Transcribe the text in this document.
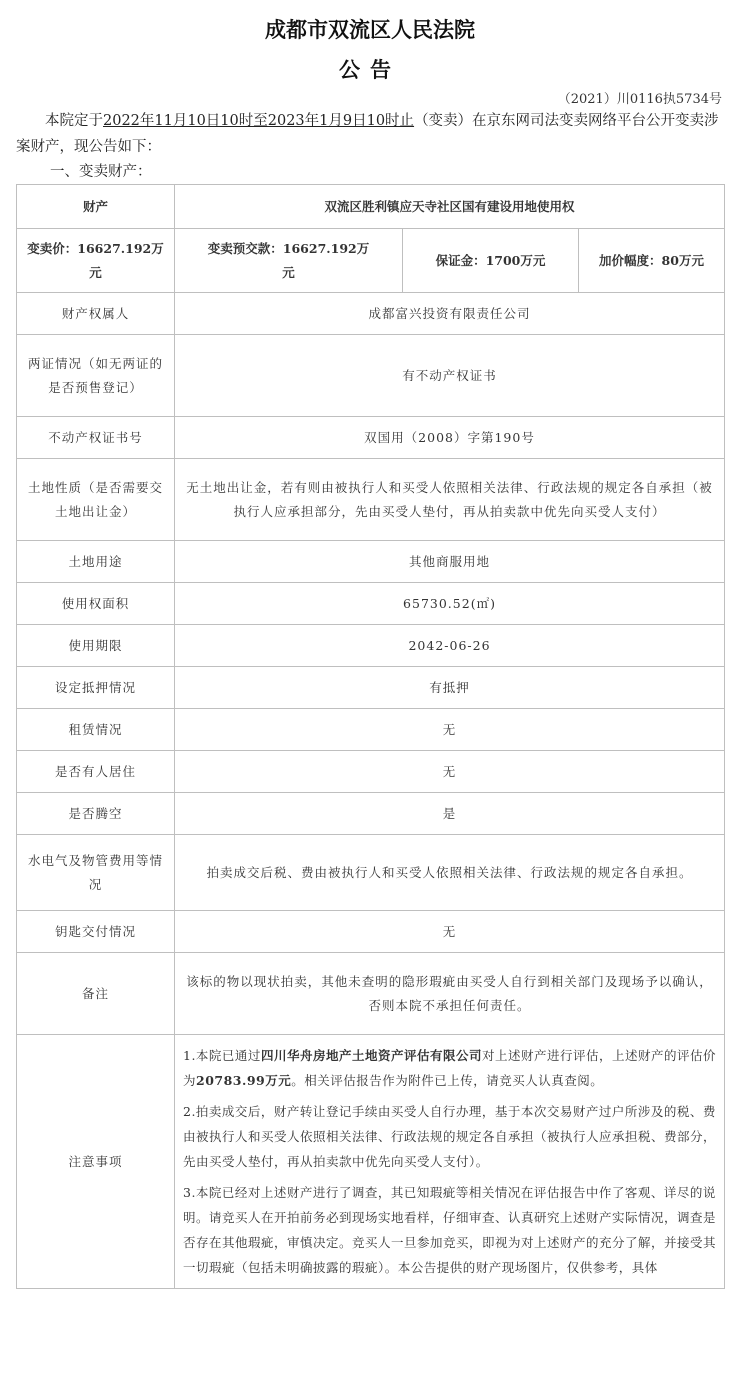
成都市双流区人民法院
公告
（2021）川0116执5734号
本院定于2022年11月10日10时至2023年1月9日10时止（变卖）在京东网司法变卖网络平台公开变卖涉案财产，现公告如下：
一、变卖财产：
财产	双流区胜利镇应天寺社区国有建设用地使用权		
变卖价：16627.192万元	变卖预交款：16627.192万元	保证金：1700万元	加价幅度：80万元
财产权属人	成都富兴投资有限责任公司		
两证情况（如无两证的是否预售登记）	有不动产权证书		
不动产权证书号	双国用（2008）字第190号		
土地性质（是否需要交土地出让金）	无土地出让金，若有则由被执行人和买受人依照相关法律、行政法规的规定各自承担（被执行人应承担部分，先由买受人垫付，再从拍卖款中优先向买受人支付）		
土地用途	其他商服用地		
使用权面积	65730.52(㎡)		
使用期限	2042-06-26		
设定抵押情况	有抵押		
租赁情况	无		
是否有人居住	无		
是否腾空	是		
水电气及物管费用等情况	拍卖成交后税、费由被执行人和买受人依照相关法律、行政法规的规定各自承担。		
钥匙交付情况	无		
备注	该标的物以现状拍卖，其他未查明的隐形瑕疵由买受人自行到相关部门及现场予以确认，否则本院不承担任何责任。		
注意事项	1.本院已通过四川华舟房地产土地资产评估有限公司对上述财产进行评估，上述财产的评估价为20783.99万元。相关评估报告作为附件已上传，请竞买人认真查阅。

2.拍卖成交后，财产转让登记手续由买受人自行办理，基于本次交易财产过户所涉及的税、费由被执行人和买受人依照相关法律、行政法规的规定各自承担（被执行人应承担税、费部分，先由买受人垫付，再从拍卖款中优先向买受人支付）。

3.本院已经对上述财产进行了调查，其已知瑕疵等相关情况在评估报告中作了客观、详尽的说明。请竞买人在开拍前务必到现场实地看样，仔细审查、认真研究上述财产实际情况，调查是否存在其他瑕疵，审慎决定。竞买人一旦参加竞买，即视为对上述财产的充分了解，并接受其一切瑕疵（包括未明确披露的瑕疵）。本公告提供的财产现场图片，仅供参考，具体		
